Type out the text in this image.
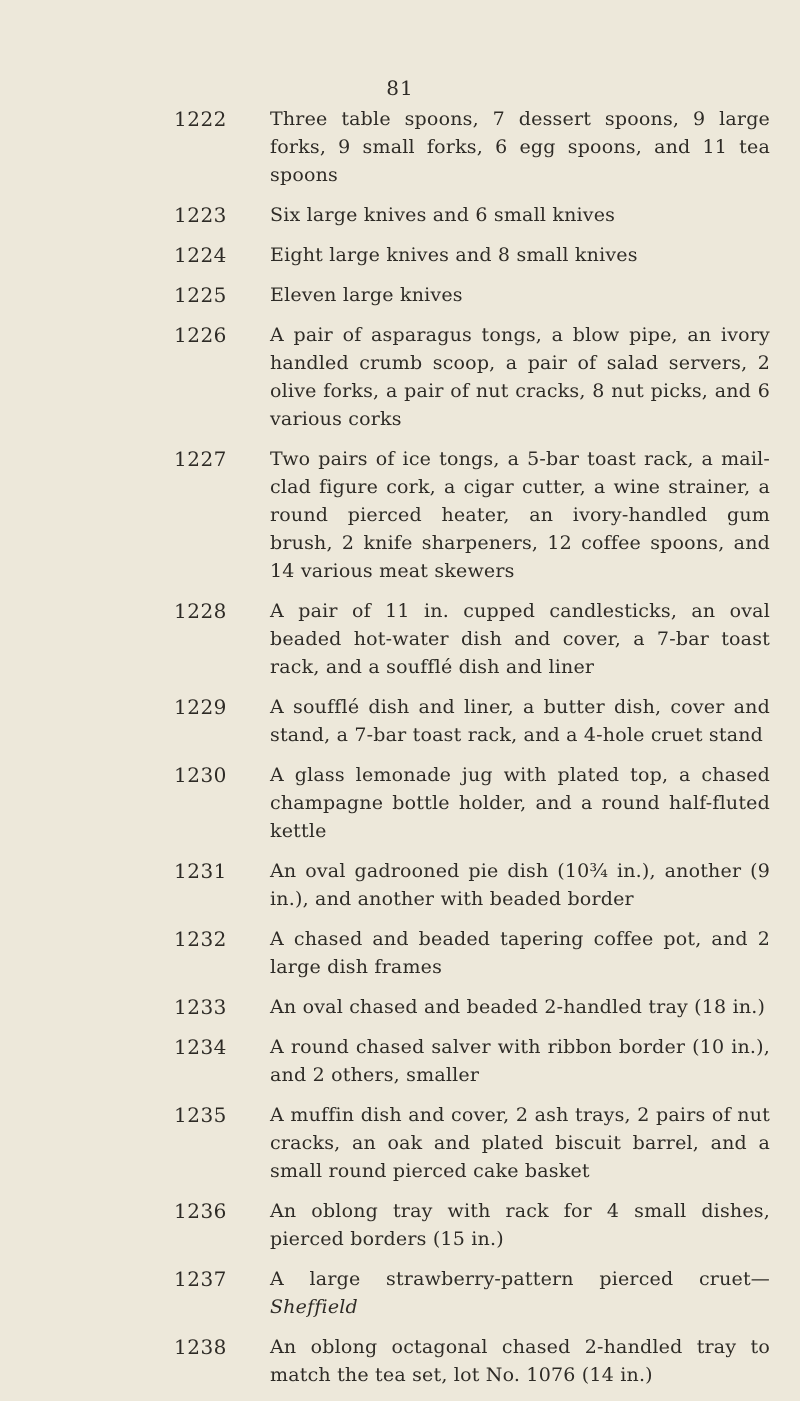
81
1222	Three table spoons, 7 dessert spoons, 9 large forks, 9 small forks, 6 egg spoons, and 11 tea spoons
1223	Six large knives and 6 small knives
1224	Eight large knives and 8 small knives
1225	Eleven large knives
1226	A pair of asparagus tongs, a blow pipe, an ivory handled crumb scoop, a pair of salad servers, 2 olive forks, a pair of nut cracks, 8 nut picks, and 6 various corks
1227	Two pairs of ice tongs, a 5-bar toast rack, a mail-clad figure cork, a cigar cutter, a wine strainer, a round pierced heater, an ivory-handled gum brush, 2 knife sharpeners, 12 coffee spoons, and 14 various meat skewers
1228	A pair of 11 in. cupped candlesticks, an oval beaded hot-water dish and cover, a 7-bar toast rack, and a soufflé dish and liner
1229	A soufflé dish and liner, a butter dish, cover and stand, a 7-bar toast rack, and a 4-hole cruet stand
1230	A glass lemonade jug with plated top, a chased champagne bottle holder, and a round half-fluted kettle
1231	An oval gadrooned pie dish (10¾ in.), another (9 in.), and another with beaded border
1232	A chased and beaded tapering coffee pot, and 2 large dish frames
1233	An oval chased and beaded 2-handled tray (18 in.)
1234	A round chased salver with ribbon border (10 in.), and 2 others, smaller
1235	A muffin dish and cover, 2 ash trays, 2 pairs of nut cracks, an oak and plated biscuit barrel, and a small round pierced cake basket
1236	An oblong tray with rack for 4 small dishes, pierced borders (15 in.)
1237	A large strawberry-pattern pierced cruet—Sheffield
1238	An oblong octagonal chased 2-handled tray to match the tea set, lot No. 1076 (14 in.)
